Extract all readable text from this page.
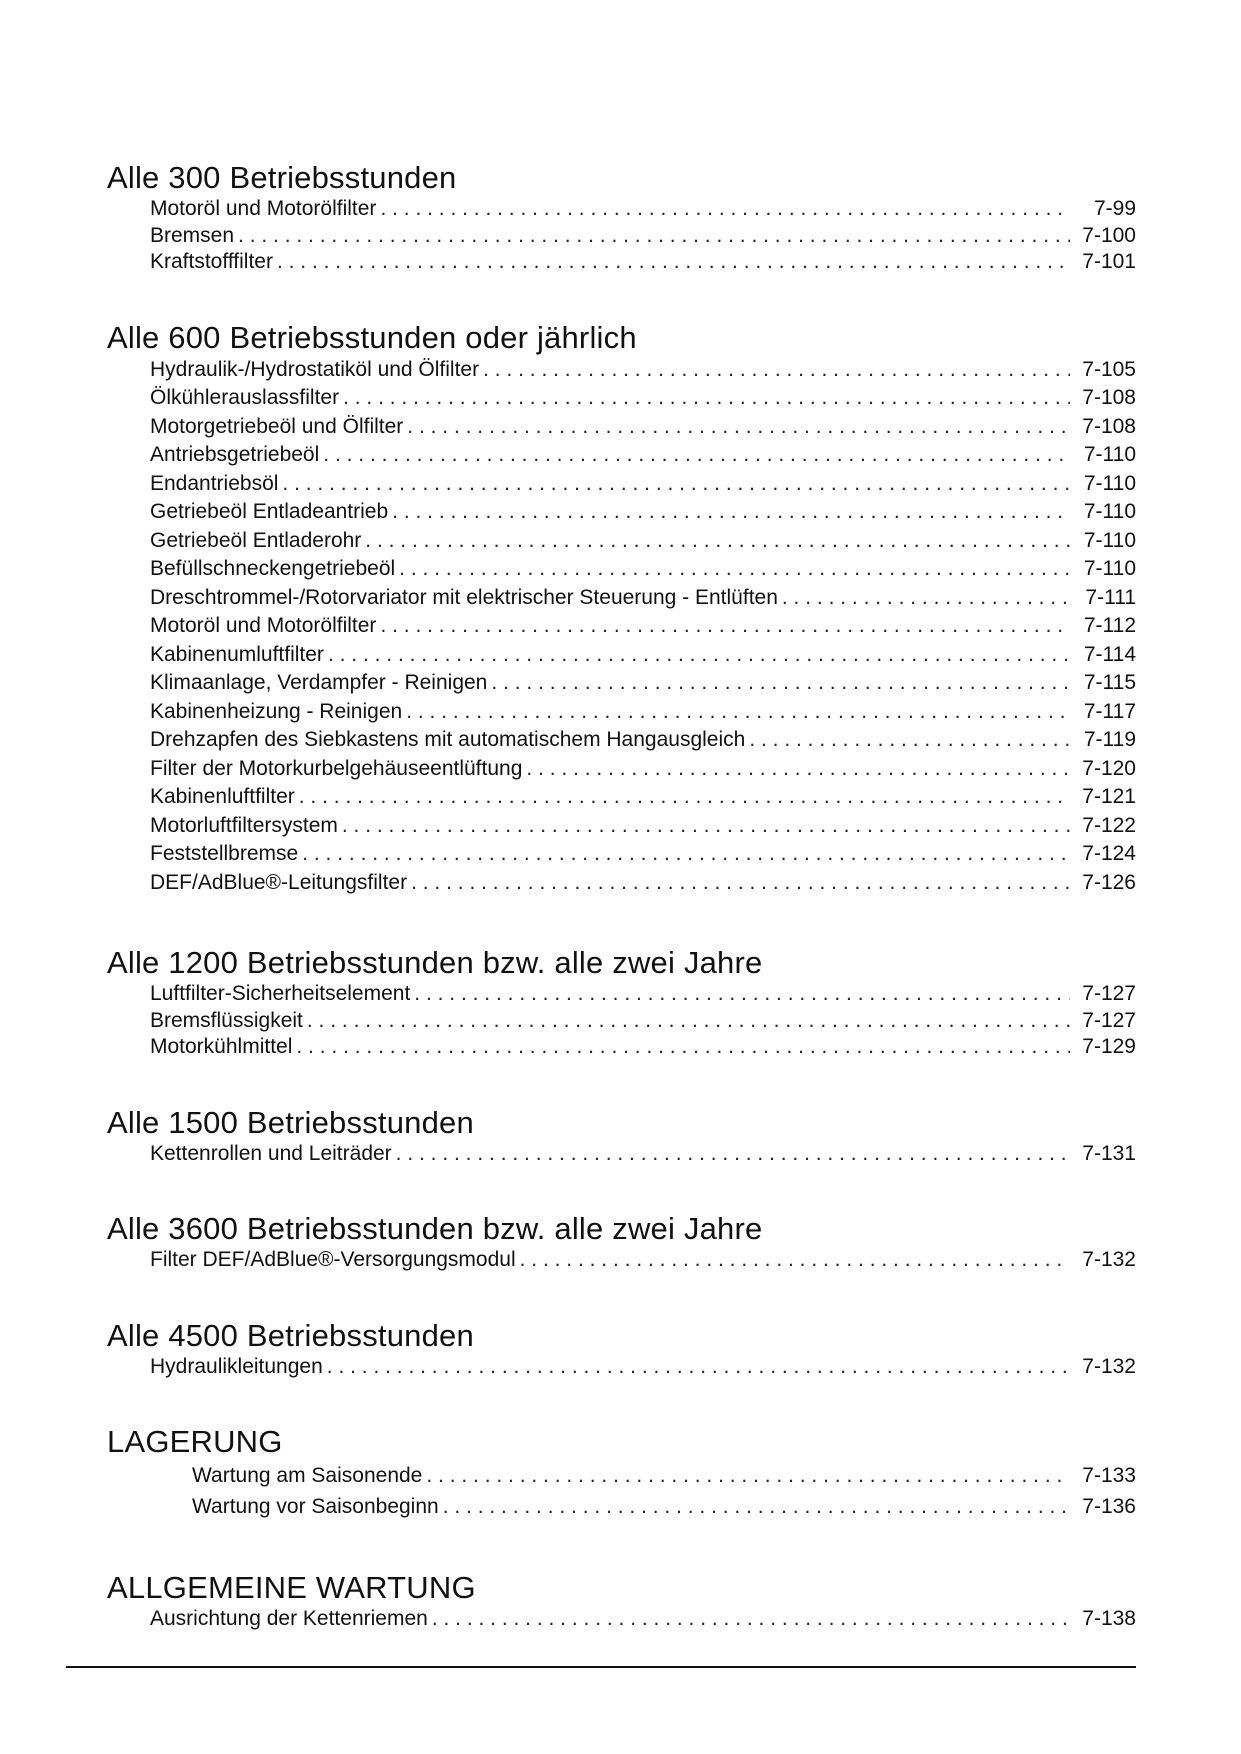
Alle 300 Betriebsstunden
Motoröl und Motorölfilter . . .	7-99
Bremsen . . .	7-100
Kraftstofffilter . . .	7-101
Alle 600 Betriebsstunden oder jährlich
Hydraulik-/Hydrostatiköl und Ölfilter . . .	7-105
Ölkühlerauslassfilter . . .	7-108
Motorgetriebeöl und Ölfilter . . .	7-108
Antriebsgetriebeöl . . .	7-110
Endantriebsöl . . .	7-110
Getriebeöl Entladeantrieb . . .	7-110
Getriebeöl Entladerohr . . .	7-110
Befüllschneckengetriebeöl . . .	7-110
Dreschtrommel-/Rotorvariator mit elektrischer Steuerung - Entlüften . . .	7-111
Motoröl und Motorölfilter . . .	7-112
Kabinenumluftfilter . . .	7-114
Klimaanlage, Verdampfer - Reinigen . . .	7-115
Kabinenheizung - Reinigen . . .	7-117
Drehzapfen des Siebkastens mit automatischem Hangausgleich . . .	7-119
Filter der Motorkurbelgehäuseentlüftung . . .	7-120
Kabinenluftfilter . . .	7-121
Motorluftfiltersystem . . .	7-122
Feststellbremse . . .	7-124
DEF/AdBlue®-Leitungsfilter . . .	7-126
Alle 1200 Betriebsstunden bzw. alle zwei Jahre
Luftfilter-Sicherheitselement . . .	7-127
Bremsflüssigkeit . . .	7-127
Motorkühlmittel . . .	7-129
Alle 1500 Betriebsstunden
Kettenrollen und Leiträder . . .	7-131
Alle 3600 Betriebsstunden bzw. alle zwei Jahre
Filter DEF/AdBlue®-Versorgungsmodul . . .	7-132
Alle 4500 Betriebsstunden
Hydraulikleitungen . . .	7-132
LAGERUNG
Wartung am Saisonende . . .	7-133
Wartung vor Saisonbeginn . . .	7-136
ALLGEMEINE WARTUNG
Ausrichtung der Kettenriemen . . .	7-138
